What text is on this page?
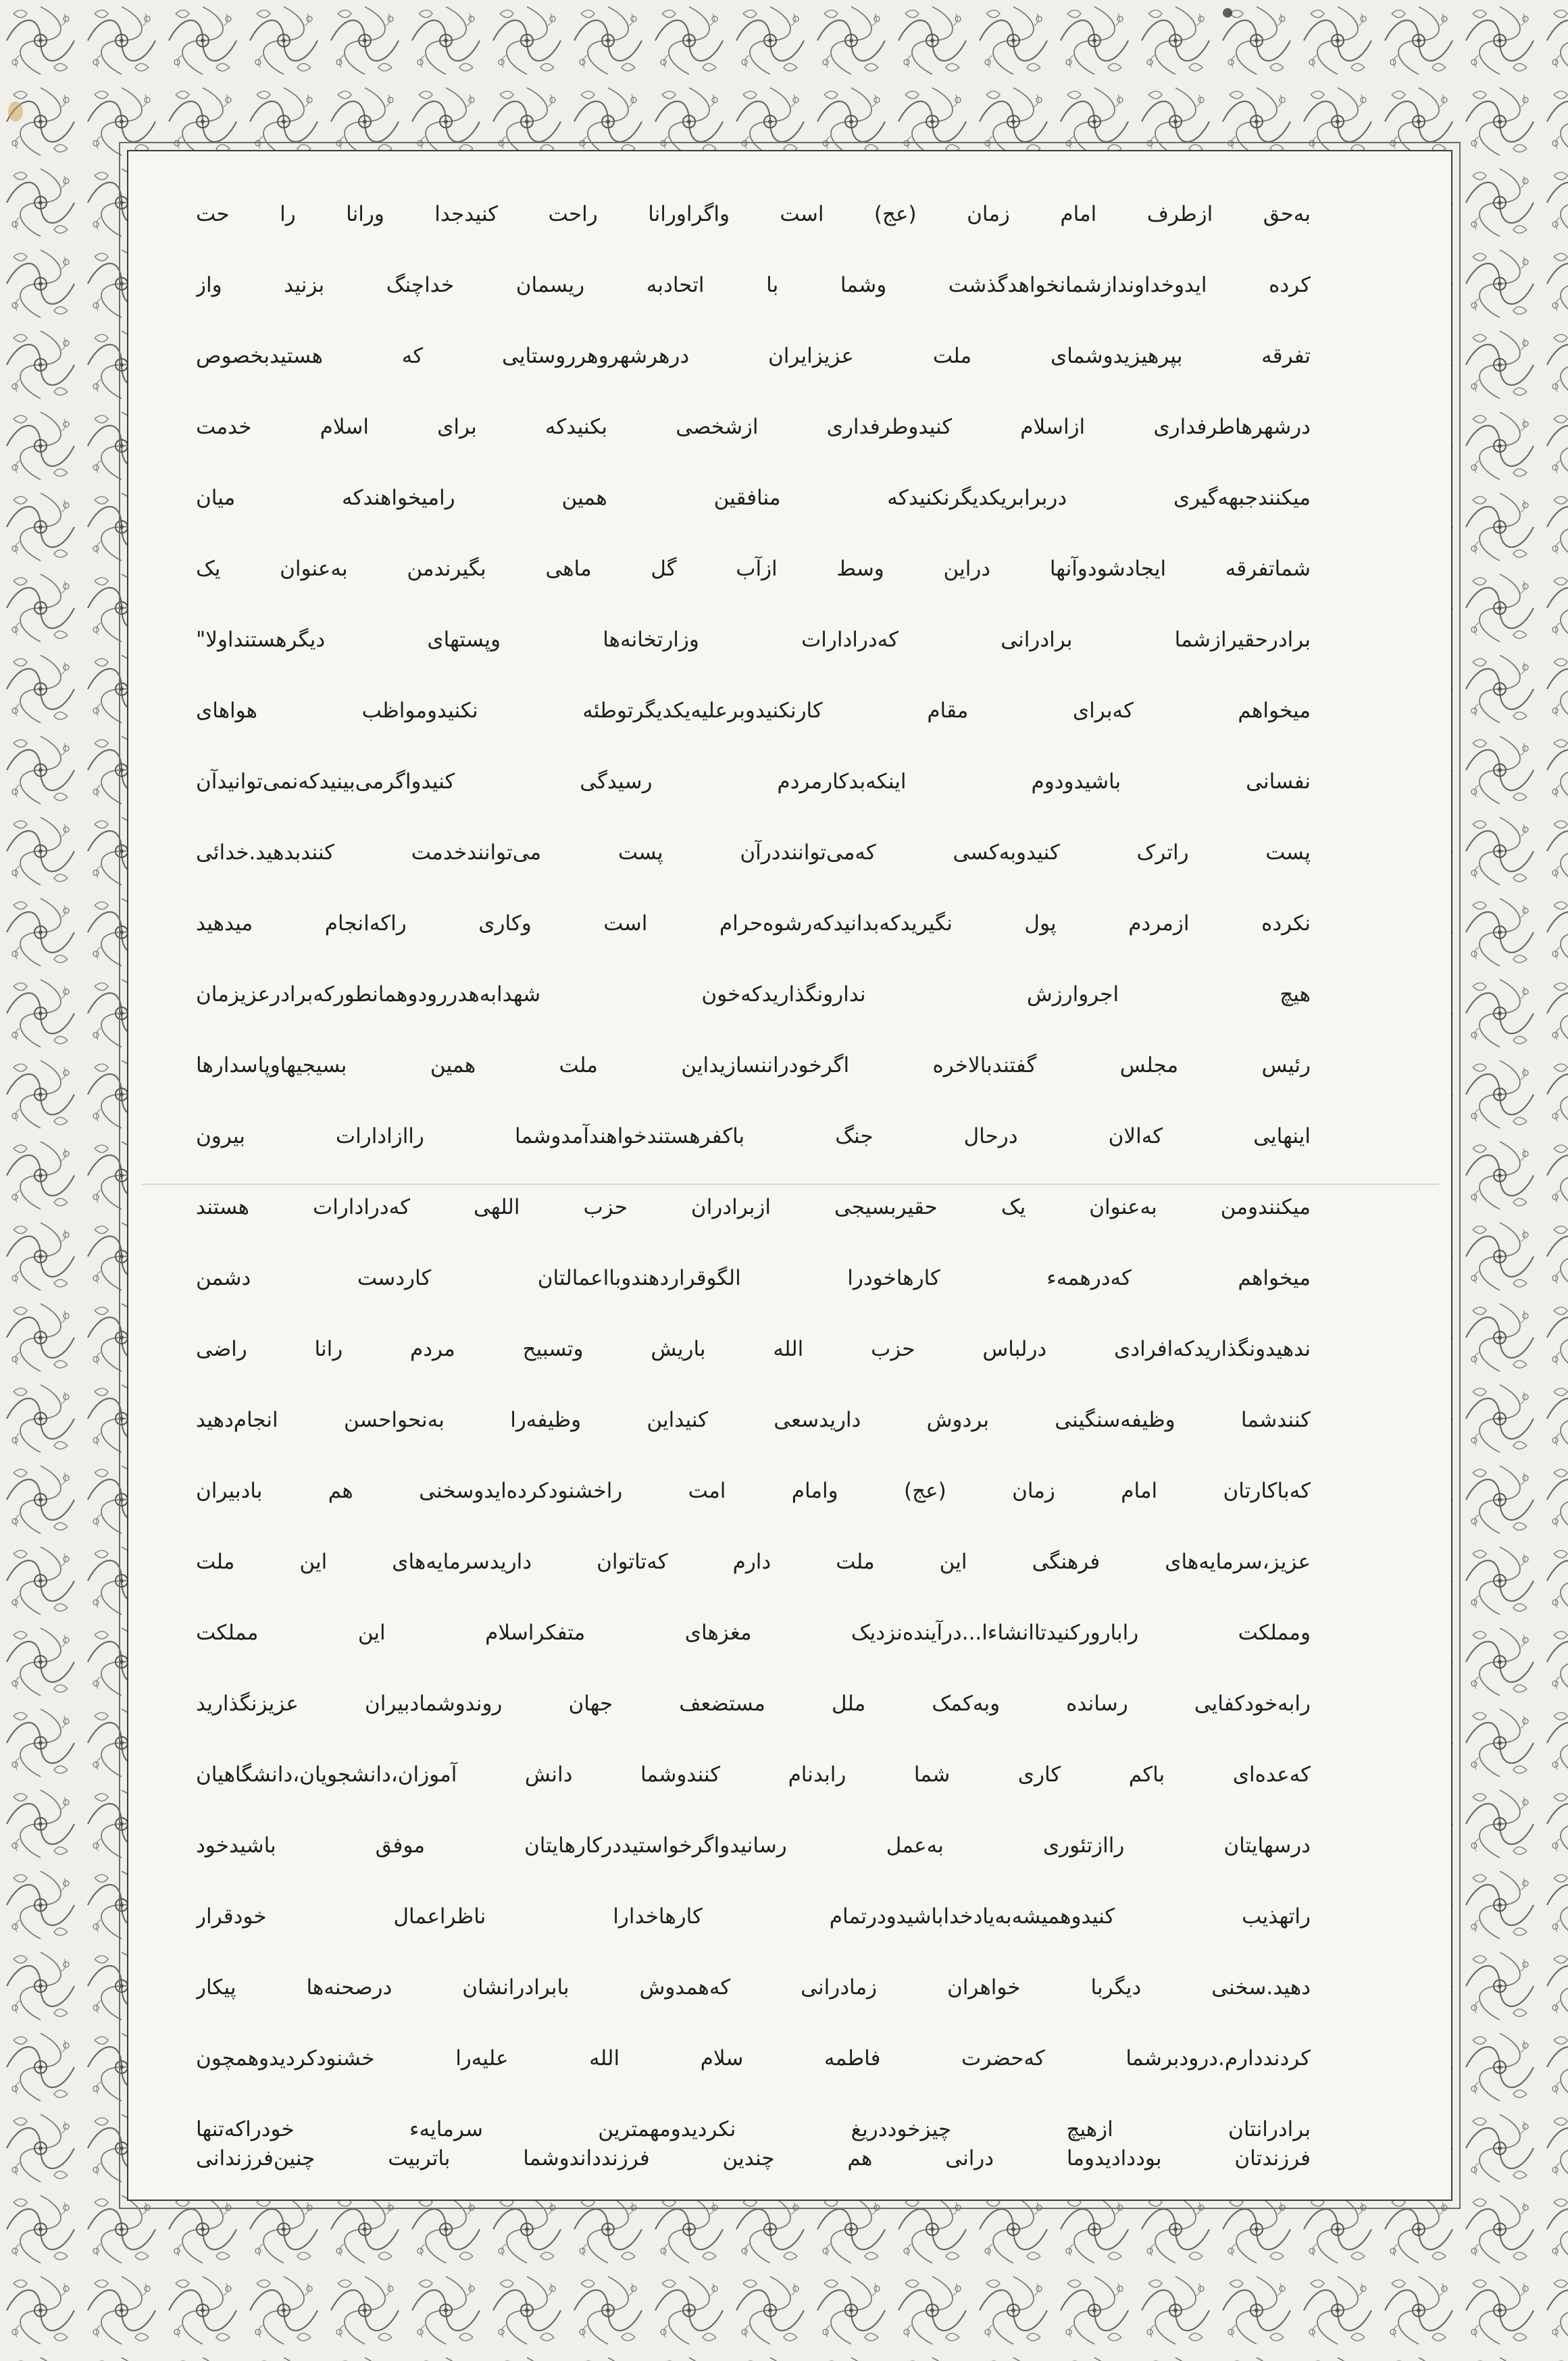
به‌حق ازطرف امام زمان (عج) است واگراورانا راحت کنیدجدا ورانا را حت
کرده ایدوخداوندازشمانخواهدگذشت وشما با اتحادبه ریسمان خداچنگ بزنید واز
تفرقه بپرهیزیدوشمای ملت عزیزایران درهرشهروهرروستایی که هستیدبخصوص
درشهرهاطرفداری ازاسلام کنیدوطرفداری ازشخصی بکنیدکه برای اسلام خدمت
میکنندجبهه‌گیری دربرابریکدیگرنکنیدکه منافقین همین رامیخواهندکه میان
شماتفرقه ایجادشودوآنها دراین وسط ازآب گل ماهی بگیرندمن به‌عنوان یک
برادرحقیرازشما برادرانی که‌درادارات وزارتخانه‌ها وپستهای دیگرهستنداولا"
میخواهم که‌برای مقام کارنکنیدوبرعلیه‌یکدیگرتوطئه نکنیدومواظب هواهای
نفسانی باشیدودوم اینکه‌بدکارمردم رسیدگی کنیدواگرمی‌بینیدکه‌نمی‌توانیدآن
پست راترک کنیدوبه‌کسی که‌می‌تواننددرآن پست می‌توانندخدمت کنندبدهید.خدائی
نکرده ازمردم پول نگیریدکه‌بدانیدکه‌رشوه‌حرام است وکاری راکه‌انجام میدهید
هیچ اجروارزش ندارونگذاریدکه‌خون شهدابه‌هدررودوهمانطورکه‌برادرعزیزمان
رئیس مجلس گفتندبالاخره اگرخودراننسازیداین ملت همین بسیجیهاوپاسدارها
اینهایی که‌الان درحال جنگ باکفرهستندخواهندآمدوشما راازادارات بیرون
میکنندومن به‌عنوان یک حقیربسیجی ازبرادران حزب اللهی که‌درادارات هستند
میخواهم که‌درهمه‌ء کارهاخودرا الگوقراردهندوبااعمالتان کاردست دشمن
ندهیدونگذاریدکه‌افرادی درلباس حزب الله باریش وتسبیح مردم رانا راضی
کنندشما وظیفه‌سنگینی بردوش داریدسعی کنیداین وظیفه‌را به‌نحواحسن انجام‌دهید
که‌باکارتان امام زمان (عج) وامام امت راخشنودکرده‌ایدوسخنی هم بادبیران
عزیز،سرمایه‌های فرهنگی این ملت دارم که‌تاتوان داریدسرمایه‌های این ملت
ومملکت راباروركنیدتاانشاءا...درآینده‌نزدیک مغزهای متفکراسلام این مملکت
رابه‌خودکفایی رسانده وبه‌کمک ملل مستضعف جهان روندوشمادبیران عزیزنگذارید
که‌عده‌ای باکم کاری شما رابدنام کنندوشما دانش آموزان،دانشجویان،دانشگاهیان
درسهایتان راازتئوری به‌عمل رسانیدواگرخواستیددرکارهایتان موفق باشیدخود
راتهذیب کنیدوهمیشه‌به‌یادخداباشیدودرتمام کارهاخدارا ناظراعمال خودقرار
دهید.سخنی دیگربا خواهران زمادرانی که‌همدوش بابرادرانشان درصحنه‌ها پیکار
کردنددارم.درودبرشما که‌حضرت فاطمه سلام الله علیه‌را خشنودکردیدوهمچون
برادرانتان ازهیچ چیزخوددریغ نکردیدومهمترین سرمایه‌ء خودراکه‌تنها
فرزندتان بودداديدوما درانی هم چندین فرزندداندوشما باتربیت چنین‌فرزندانی
